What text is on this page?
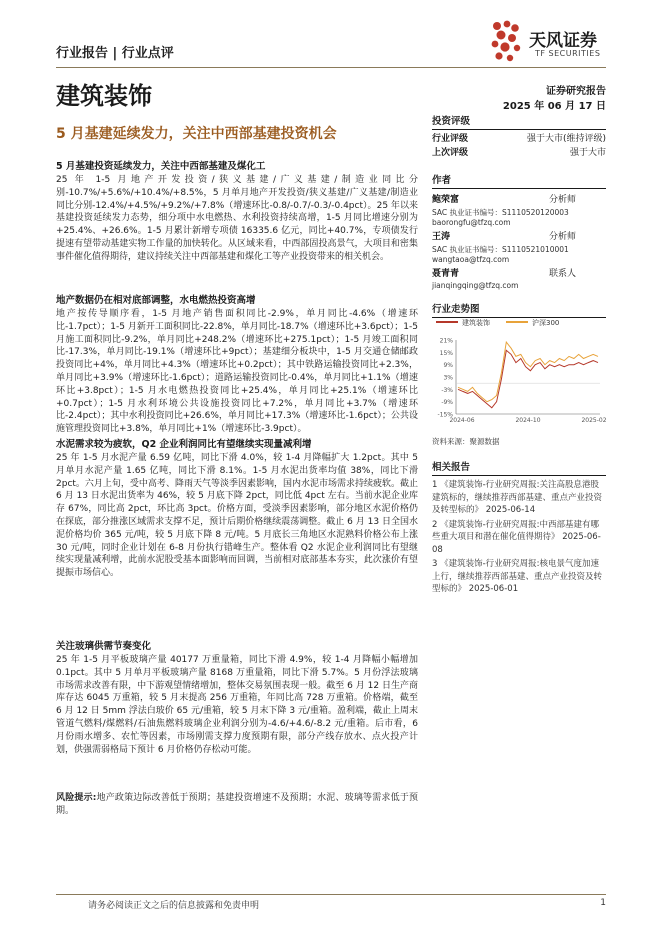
行业报告 | 行业点评
天风证券
TF SECURITIES
建筑装饰	证券研究报告
2025 年 06 月 17 日
5 月基建延续发力，关注中西部基建投资机会
5 月基建投资延续发力，关注中西部基建及煤化工
25 年 1-5 月地产开发投资/狭义基建/广义基建/制造业同比分别-10.7%/+5.6%/+10.4%/+8.5%，5 月单月地产开发投资/狭义基建/广义基建/制造业同比分别-12.4%/+4.5%/+9.2%/+7.8%（增速环比-0.8/-0.7/-0.3/-0.4pct）。25 年以来基建投资延续发力态势，细分项中水电燃热、水利投资持续高增，1-5 月同比增速分别为+25.4%、+26.6%。1-5 月累计新增专项债 16335.6 亿元，同比+40.7%，专项债发行提速有望带动基建实物工作量的加快转化。从区域来看，中西部固投高景气，大项目和密集事件催化值得期待，建议持续关注中西部基建和煤化工等产业投资带来的相关机会。
地产数据仍在相对底部调整，水电燃热投资高增
地产按传导顺序看，1-5 月地产销售面积同比-2.9%，单月同比-4.6%（增速环比-1.7pct）；1-5 月新开工面积同比-22.8%，单月同比-18.7%（增速环比+3.6pct）；1-5 月施工面积同比-9.2%，单月同比+248.2%（增速环比+275.1pct）；1-5 月竣工面积同比-17.3%，单月同比-19.1%（增速环比+9pct）；基建细分板块中，1-5 月交通仓储邮政投资同比+4%，单月同比+4.3%（增速环比+0.2pct）；其中铁路运输投资同比+2.3%，单月同比+3.9%（增速环比-1.6pct）；道路运输投资同比-0.4%，单月同比+1.1%（增速环比+3.8pct）；1-5 月水电燃热投资同比+25.4%，单月同比+25.1%（增速环比+0.7pct）；1-5 月水利环境公共设施投资同比+7.2%，单月同比+3.7%（增速环比-2.4pct）；其中水利投资同比+26.6%，单月同比+17.3%（增速环比-1.6pct）；公共设施管理投资同比+3.8%，单月同比+1%（增速环比-3.9pct）。
水泥需求较为疲软，Q2 企业利润同比有望继续实现量减利增
25 年 1-5 月水泥产量 6.59 亿吨，同比下滑 4.0%，较 1-4 月降幅扩大 1.2pct。其中 5 月单月水泥产量 1.65 亿吨，同比下滑 8.1%。1-5 月水泥出货率均值 38%，同比下滑 2pct。六月上旬，受中高考、降雨天气等淡季因素影响，国内水泥市场需求持续疲软。截止 6 月 13 日水泥出货率为 46%，较 5 月底下降 2pct，同比低 4pct 左右。当前水泥企业库存 67%，同比高 2pct，环比高 3pct。价格方面，受淡季因素影响，部分地区水泥价格仍在探底，部分推涨区域需求支撑不足，预计后期价格继续震荡调整。截止 6 月 13 日全国水泥价格均价 365 元/吨，较 5 月底下降 8 元/吨。5 月底长三角地区水泥熟料价格公布上涨 30 元/吨，同时企业计划在 6-8 月份执行错峰生产。整体看 Q2 水泥企业利润同比有望继续实现量减利增，此前水泥股受基本面影响而回调，当前相对底部基本夯实，此次涨价有望提振市场信心。
关注玻璃供需节奏变化
25 年 1-5 月平板玻璃产量 40177 万重量箱，同比下滑 4.9%，较 1-4 月降幅小幅增加 0.1pct。其中 5 月单月平板玻璃产量 8168 万重量箱，同比下滑 5.7%。5 月份浮法玻璃市场需求改善有限，中下游观望情绪增加，整体交易氛围表现一般。截至 6 月 12 日生产商库存达 6045 万重箱，较 5 月末提高 256 万重箱，年同比高 728 万重箱。价格端，截至 6 月 12 日 5mm 浮法白玻价 65 元/重箱，较 5 月末下降 3 元/重箱。盈利端，截止上周末管道气燃料/煤燃料/石油焦燃料玻璃企业利润分别为-4.6/+4.6/-8.2 元/重箱。后市看，6 月份雨水增多、农忙等因素，市场刚需支撑力度预期有限，部分产线存放水、点火投产计划，供强需弱格局下预计 6 月价格仍存松动可能。
风险提示:地产政策边际改善低于预期；基建投资增速不及预期；水泥、玻璃等需求低于预期。
投资评级
行业评级	强于大市(维持评级)
上次评级	强于大市
作者
鲍荣富	分析师
SAC 执业证书编号：S1110520120003
baorongfu@tfzq.com
王涛	分析师
SAC 执业证书编号：S1110521010001
wangtaoa@tfzq.com
聂青青	联系人
jianqingqing@tfzq.com
行业走势图
建筑装饰	沪深300
21%
15%
9%
3%
-3%
-9%
-15%
2024-06	2024-10	2025-02
资料来源：聚源数据
相关报告
1 《建筑装饰-行业研究周报:关注高股息港股建筑标的，继续推荐西部基建、重点产业投资及转型标的》 2025-06-14
2 《建筑装饰-行业研究周报:中西部基建有哪些重大项目和潜在催化值得期待》 2025-06-08
3 《建筑装饰-行业研究周报:核电景气度加速上行，继续推荐西部基建、重点产业投资及转型标的》 2025-06-01
请务必阅读正文之后的信息披露和免责申明	1
